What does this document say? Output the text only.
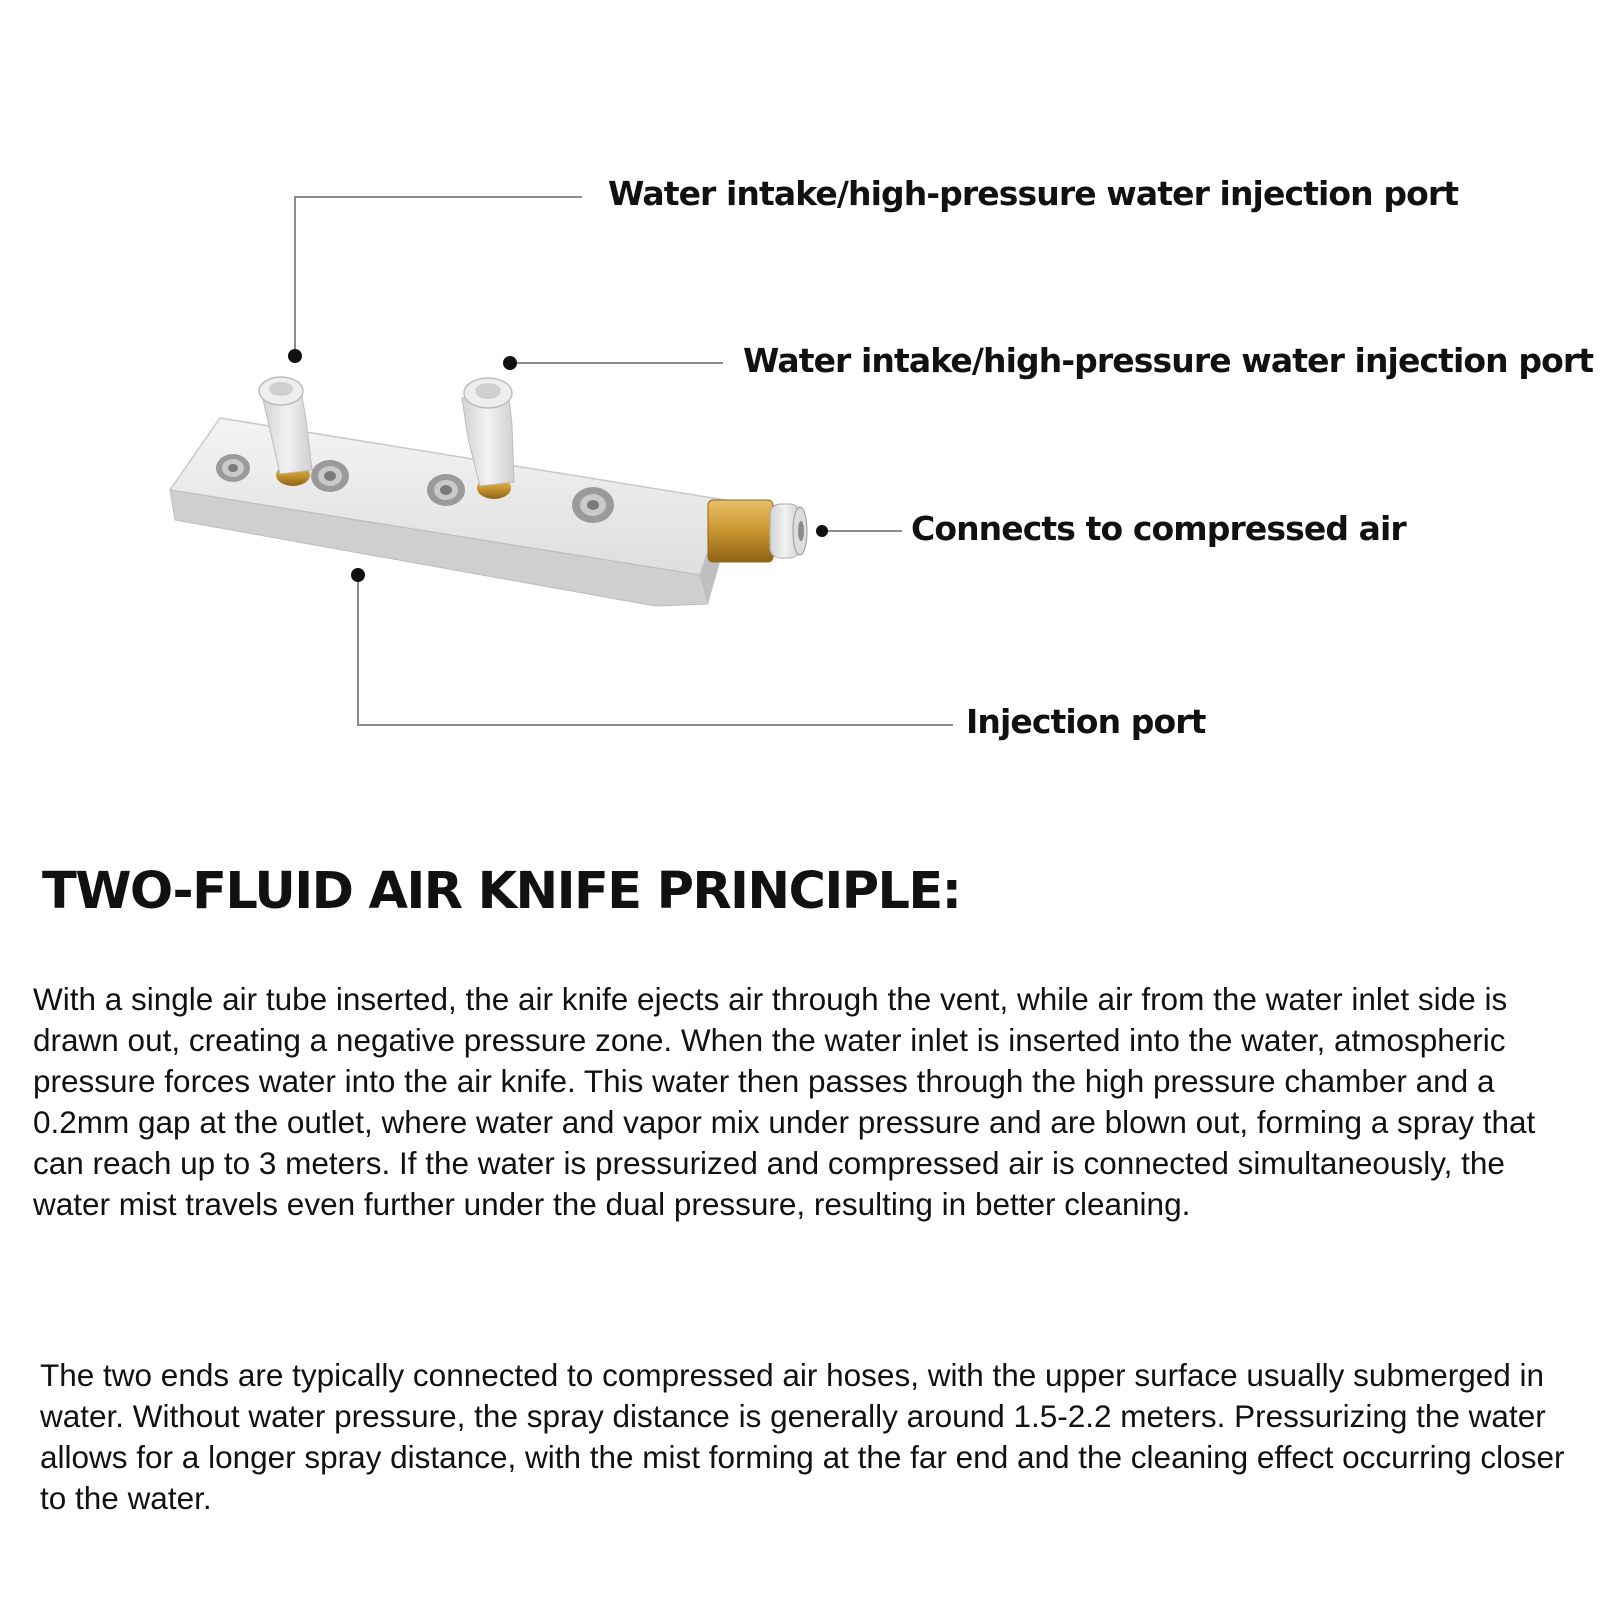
Water intake/high-pressure water injection port
Water intake/high-pressure water injection port
Connects to compressed air
Injection port
TWO-FLUID AIR KNIFE PRINCIPLE:

With a single air tube inserted, the air knife ejects air through the vent, while air from the water inlet side is drawn out, creating a negative pressure zone. When the water inlet is inserted into the water, atmospheric pressure forces water into the air knife. This water then passes through the high pressure chamber and a 0.2mm gap at the outlet, where water and vapor mix under pressure and are blown out, forming a spray that can reach up to 3 meters. If the water is pressurized and compressed air is connected simultaneously, the water mist travels even further under the dual pressure, resulting in better cleaning.

The two ends are typically connected to compressed air hoses, with the upper surface usually submerged in water. Without water pressure, the spray distance is generally around 1.5-2.2 meters. Pressurizing the water allows for a longer spray distance, with the mist forming at the far end and the cleaning effect occurring closer to the water.
